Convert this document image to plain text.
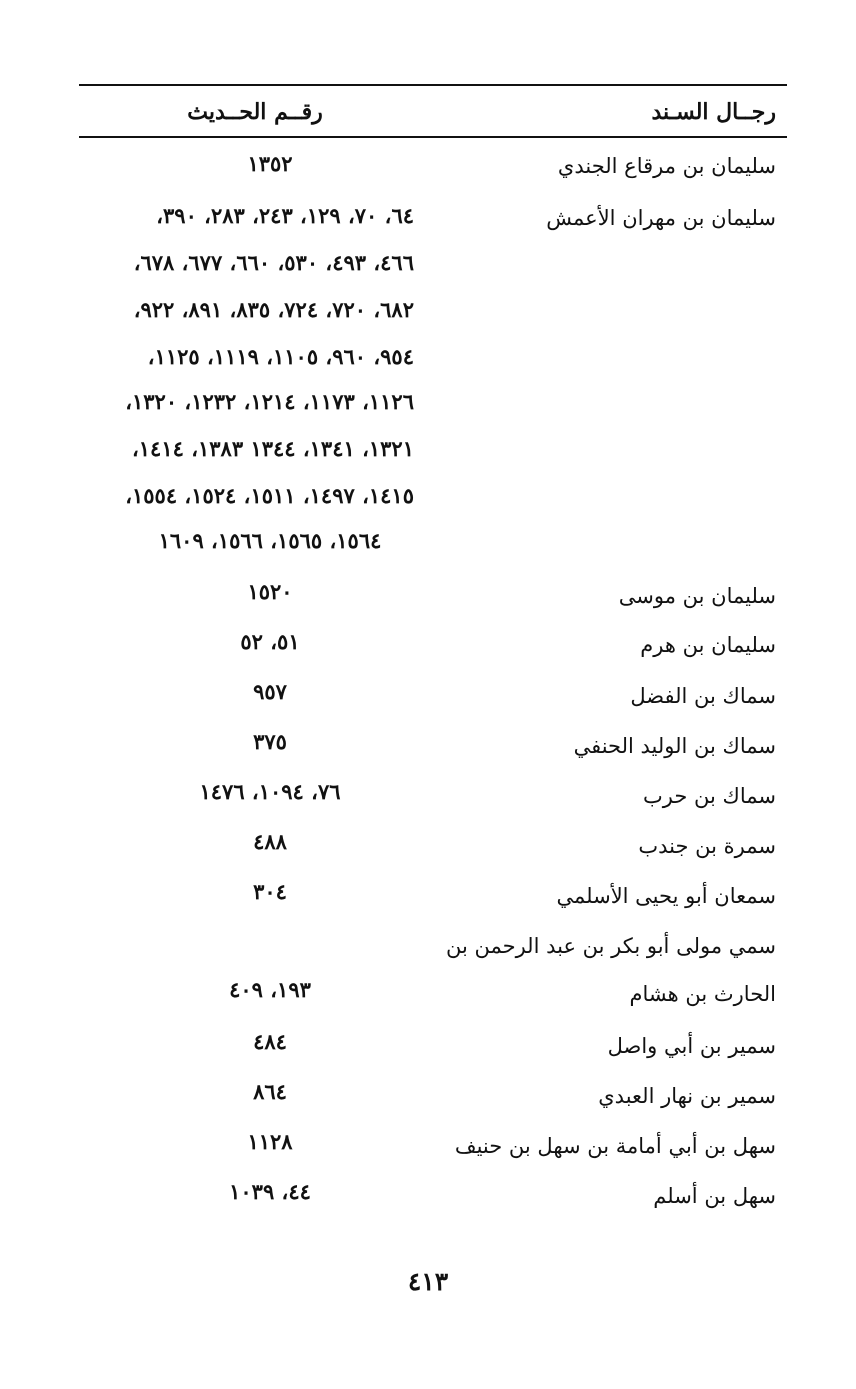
رجــال السـند
رقــم الحــديث
سليمان بن مرقاع الجندي
١٣٥٢
سليمان بن مهران الأعمش
٦٤، ٧٠، ١٢٩، ٢٤٣، ٢٨٣، ٣٩٠،
٤٦٦، ٤٩٣، ٥٣٠، ٦٦٠، ٦٧٧، ٦٧٨،
٦٨٢، ٧٢٠، ٧٢٤، ٨٣٥، ٨٩١، ٩٢٢،
٩٥٤، ٩٦٠، ١١٠٥، ١١١٩، ١١٢٥،
١١٢٦، ١١٧٣، ١٢١٤، ١٢٣٢، ١٣٢٠،
١٣٢١، ١٣٤١، ١٣٤٤ ١٣٨٣، ١٤١٤،
١٤١٥، ١٤٩٧، ١٥١١، ١٥٢٤، ١٥٥٤،
١٥٦٤، ١٥٦٥، ١٥٦٦، ١٦٠٩
سليمان بن موسى
١٥٢٠
سليمان بن هرم
٥١، ٥٢
سماك بن الفضل
٩٥٧
سماك بن الوليد الحنفي
٣٧٥
سماك بن حرب
٧٦، ١٠٩٤، ١٤٧٦
سمرة بن جندب
٤٨٨
سمعان أبو يحيى الأسلمي
٣٠٤
سمي مولى أبو بكر بن عبد الرحمن بن
الحارث بن هشام
١٩٣، ٤٠٩
سمير بن أبي واصل
٤٨٤
سمير بن نهار العبدي
٨٦٤
سهل بن أبي أمامة بن سهل بن حنيف
١١٢٨
سهل بن أسلم
٤٤، ١٠٣٩
٤١٣
